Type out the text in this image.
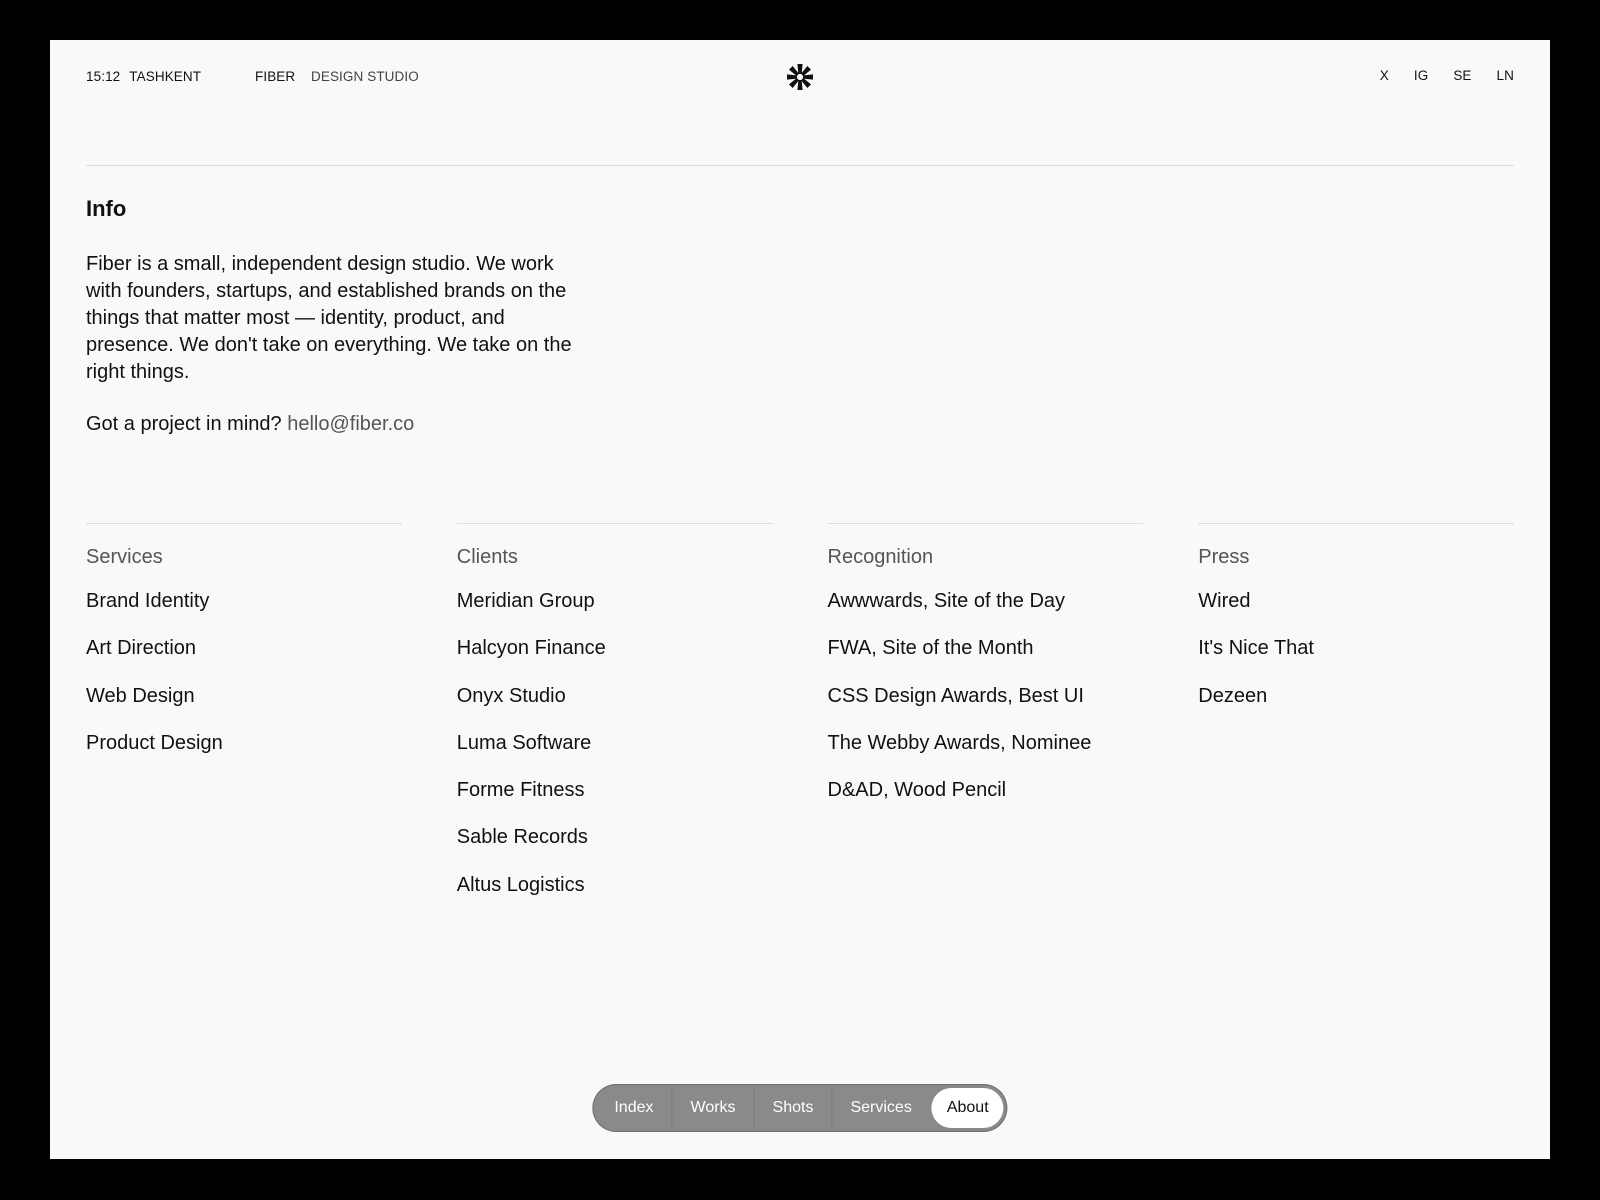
15:12 TASHKENT	FIBER DESIGN STUDIO	X IG SE LN
Info

Fiber is a small, independent design studio. We work with founders, startups, and established brands on the things that matter most — identity, product, and presence. We don't take on everything. We take on the right things.

Got a project in mind? hello@fiber.co

Services
Brand Identity
Art Direction
Web Design
Product Design
Clients
Meridian Group
Halcyon Finance
Onyx Studio
Luma Software
Forme Fitness
Sable Records
Altus Logistics
Recognition
Awwwards, Site of the Day
FWA, Site of the Month
CSS Design Awards, Best UI
The Webby Awards, Nominee
D&AD, Wood Pencil
Press
Wired
It's Nice That
Dezeen
Index	Works	Shots	Services	About
